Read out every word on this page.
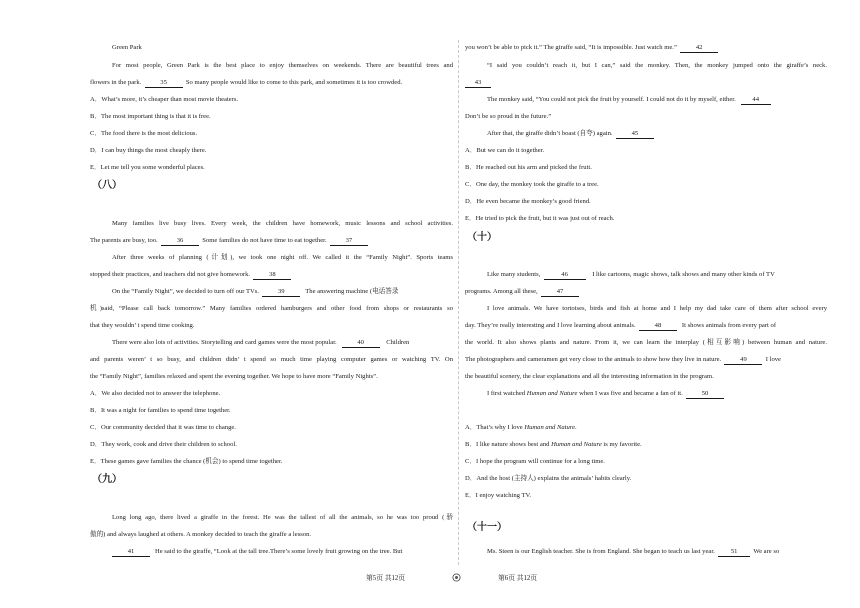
Green Park
For most people, Green Park is the best place to enjoy themselves on weekends. There are beautiful trees and
flowers in the park.	35	So many people would like to come to this park, and sometimes it is too crowded.
A．What’s more, it’s cheaper than most movie theaters.
B．The most important thing is that it is free.
C．The food there is the most delicious.
D．I can buy things the most cheaply there.
E．Let me tell you some wonderful places.
（八）
Many families live busy lives. Every week, the children have homework, music lessons and school activities.
The parents are busy, too.	36	Some families do not have time to eat together.	37
After three weeks of planning (计划), we took one night off. We called it the “Family Night”. Sports teams
stopped their practices, and teachers did not give homework.	38
On the “Family Night”, we decided to turn off our TVs.	39	The answering machine (电话答录
机)said, “Please call back tomorrow.” Many families ordered hamburgers and other food from shops or restaurants so
that they wouldn’ t spend time cooking.
There were also lots of activities. Storytelling and card games were the most popular.	40	Children
and parents weren’ t so busy, and children didn’ t spend so much time playing computer games or watching TV. On
the “Family Night”, families relaxed and spent the evening together. We hope to have more “Family Nights”.
A．We also decided not to answer the telephone.
B．It was a night for families to spend time together.
C．Our community decided that it was time to change.
D．They work, cook and drive their children to school.
E．These games gave families the chance (机会) to spend time together.
（九）
Long long ago, there lived a giraffe in the forest. He was the tallest of all the animals, so he was too proud (骄
傲的) and always laughed at others. A monkey decided to teach the giraffe a lesson.
41	He said to the giraffe, “Look at the tall tree.There’s some lovely fruit growing on the tree. But
you won’t be able to pick it.” The giraffe said, “It is impossible. Just watch me.”	42
“I said you couldn’t reach it, but I can,” said the monkey. Then, the monkey jumped onto the giraffe’s neck.
43
The monkey said, “You could not pick the fruit by yourself. I could not do it by myself, either.	44
Don’t be so proud in the future.”
After that, the giraffe didn’t boast (自夸) again.	45
A．But we can do it together.
B．He reached out his arm and picked the fruit.
C．One day, the monkey took the giraffe to a tree.
D．He even became the monkey’s good friend.
E．He tried to pick the fruit, but it was just out of reach.
（十）
Like many students,	46	I like cartoons, magic shows, talk shows and many other kinds of TV
programs. Among all these,	47
I love animals. We have tortoises, birds and fish at home and I help my dad take care of them after school every
day. They’re really interesting and I love learning about animals.	48	It shows animals from every part of
the world. It also shows plants and nature. From it, we can learn the interplay (相互影响) between human and nature.
The photographers and cameramen get very close to the animals to show how they live in nature.	49	I love
the beautiful scenery, the clear explanations and all the interesting information in the program.
I first watched Human and Nature when I was five and became a fan of it.	50
A．That’s why I love Human and Nature.
B．I like nature shows best and Human and Nature is my favorite.
C．I hope the program will continue for a long time.
D．And the host (主持人) explains the animals’ habits clearly.
E．I enjoy watching TV.
（十一）
Ms. Steen is our English teacher. She is from England. She began to teach us last year. 51 We are so
第5页 共12页	第6页 共12页
